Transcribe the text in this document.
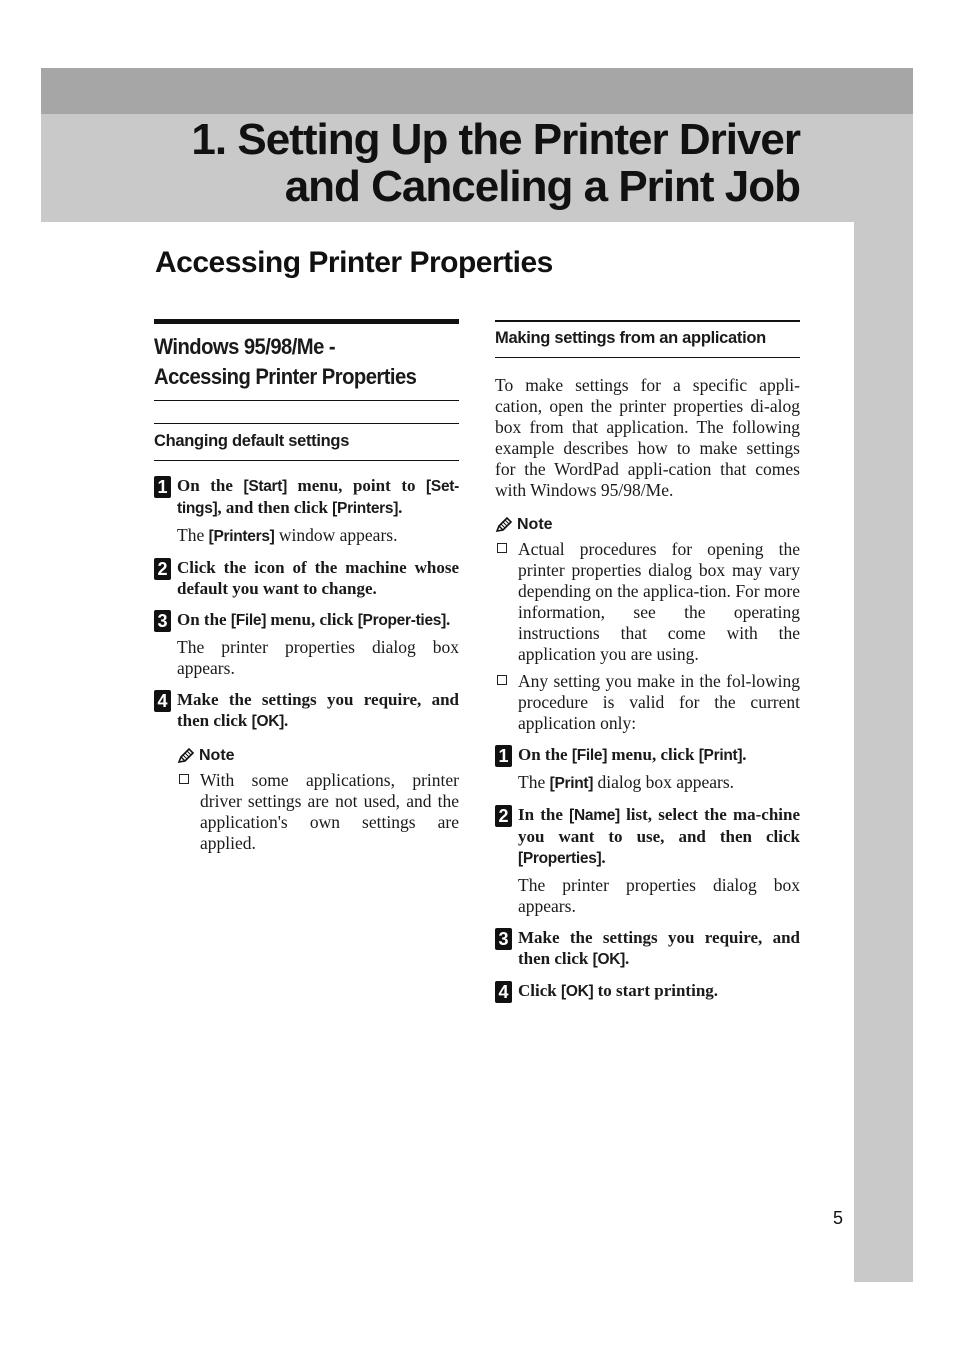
1. Setting Up the Printer Driver
and Canceling a Print Job
Accessing Printer Properties
Windows 95/98/Me -
Accessing Printer Properties
Changing default settings
1 On the [Start] menu, point to [Set-tings], and then click [Printers].

The [Printers] window appears.

2 Click the icon of the machine whose default you want to change.

3 On the [File] menu, click [Proper-ties].

The printer properties dialog box appears.

4 Make the settings you require, and then click [OK].

Note
With some applications, printer driver settings are not used, and the application's own settings are applied.
Making settings from an application

To make settings for a specific appli-cation, open the printer properties di-alog box from that application. The following example describes how to make settings for the WordPad appli-cation that comes with Windows 95/98/Me.

Note
Actual procedures for opening the printer properties dialog box may vary depending on the applica-tion. For more information, see the operating instructions that come with the application you are using.
Any setting you make in the fol-lowing procedure is valid for the current application only:
1 On the [File] menu, click [Print].

The [Print] dialog box appears.

2 In the [Name] list, select the ma-chine you want to use, and then click [Properties].

The printer properties dialog box appears.

3 Make the settings you require, and then click [OK].

4 Click [OK] to start printing.

5
